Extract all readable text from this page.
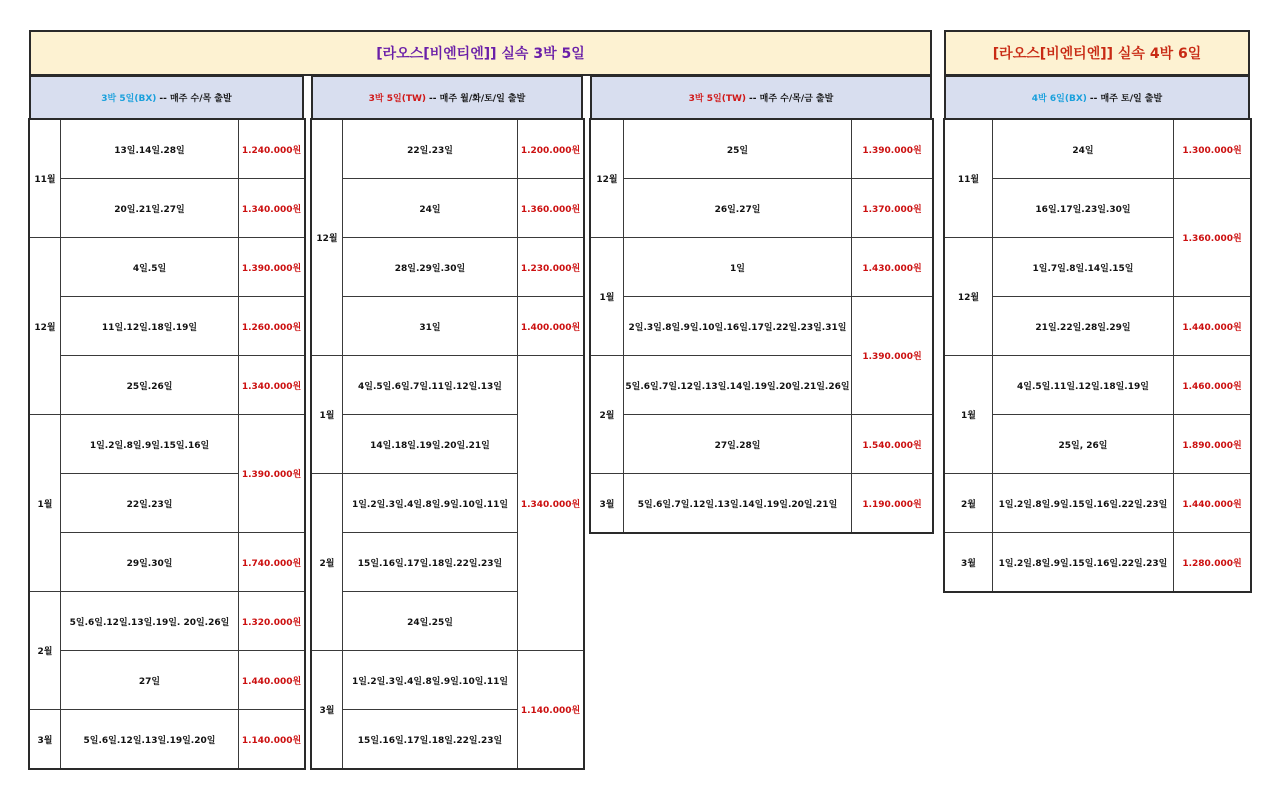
[라오스[비엔티엔]] 실속 3박 5일	[라오스[비엔티엔]] 실속 4박 6일
3박 5일(BX) -- 매주 수/목 출발
11월	13일.14일.28일	1.240.000원
	20일.21일.27일	1.340.000원
12월	4일.5일	1.390.000원
	11일.12일.18일.19일	1.260.000원
	25일.26일	1.340.000원
1월	1일.2일.8일.9일.15일.16일	1.390.000원
	22일.23일	
	29일.30일	1.740.000원
2월	5일.6일.12일.13일.19일. 20일.26일	1.320.000원
	27일	1.440.000원
3월	5일.6일.12일.13일.19일.20일	1.140.000원
3박 5일(TW) -- 매주 월/화/토/일 출발
12월	22일.23일	1.200.000원
	24일	1.360.000원
	28일.29일.30일	1.230.000원
	31일	1.400.000원
1월	4일.5일.6일.7일.11일.12일.13일	1.340.000원
	14일.18일.19일.20일.21일	
2월	1일.2일.3일.4일.8일.9일.10일.11일	
	15일.16일.17일.18일.22일.23일	
	24일.25일	
3월	1일.2일.3일.4일.8일.9일.10일.11일	1.140.000원
	15일.16일.17일.18일.22일.23일	
3박 5일(TW) -- 매주 수/목/금 출발
12월	25일	1.390.000원
	26일.27일	1.370.000원
1월	1일	1.430.000원
	2일.3일.8일.9일.10일.16일.17일.22일.23일.31일	1.390.000원
2월	5일.6일.7일.12일.13일.14일.19일.20일.21일.26일	
	27일.28일	1.540.000원
3월	5일.6일.7일.12일.13일.14일.19일.20일.21일	1.190.000원
4박 6일(BX) -- 매주 토/일 출발
11월	24일	1.300.000원
	16일.17일.23일.30일	1.360.000원
12월	1일.7일.8일.14일.15일	
	21일.22일.28일.29일	1.440.000원
1월	4일.5일.11일.12일.18일.19일	1.460.000원
	25일, 26일	1.890.000원
2월	1일.2일.8일.9일.15일.16일.22일.23일	1.440.000원
3월	1일.2일.8일.9일.15일.16일.22일.23일	1.280.000원
